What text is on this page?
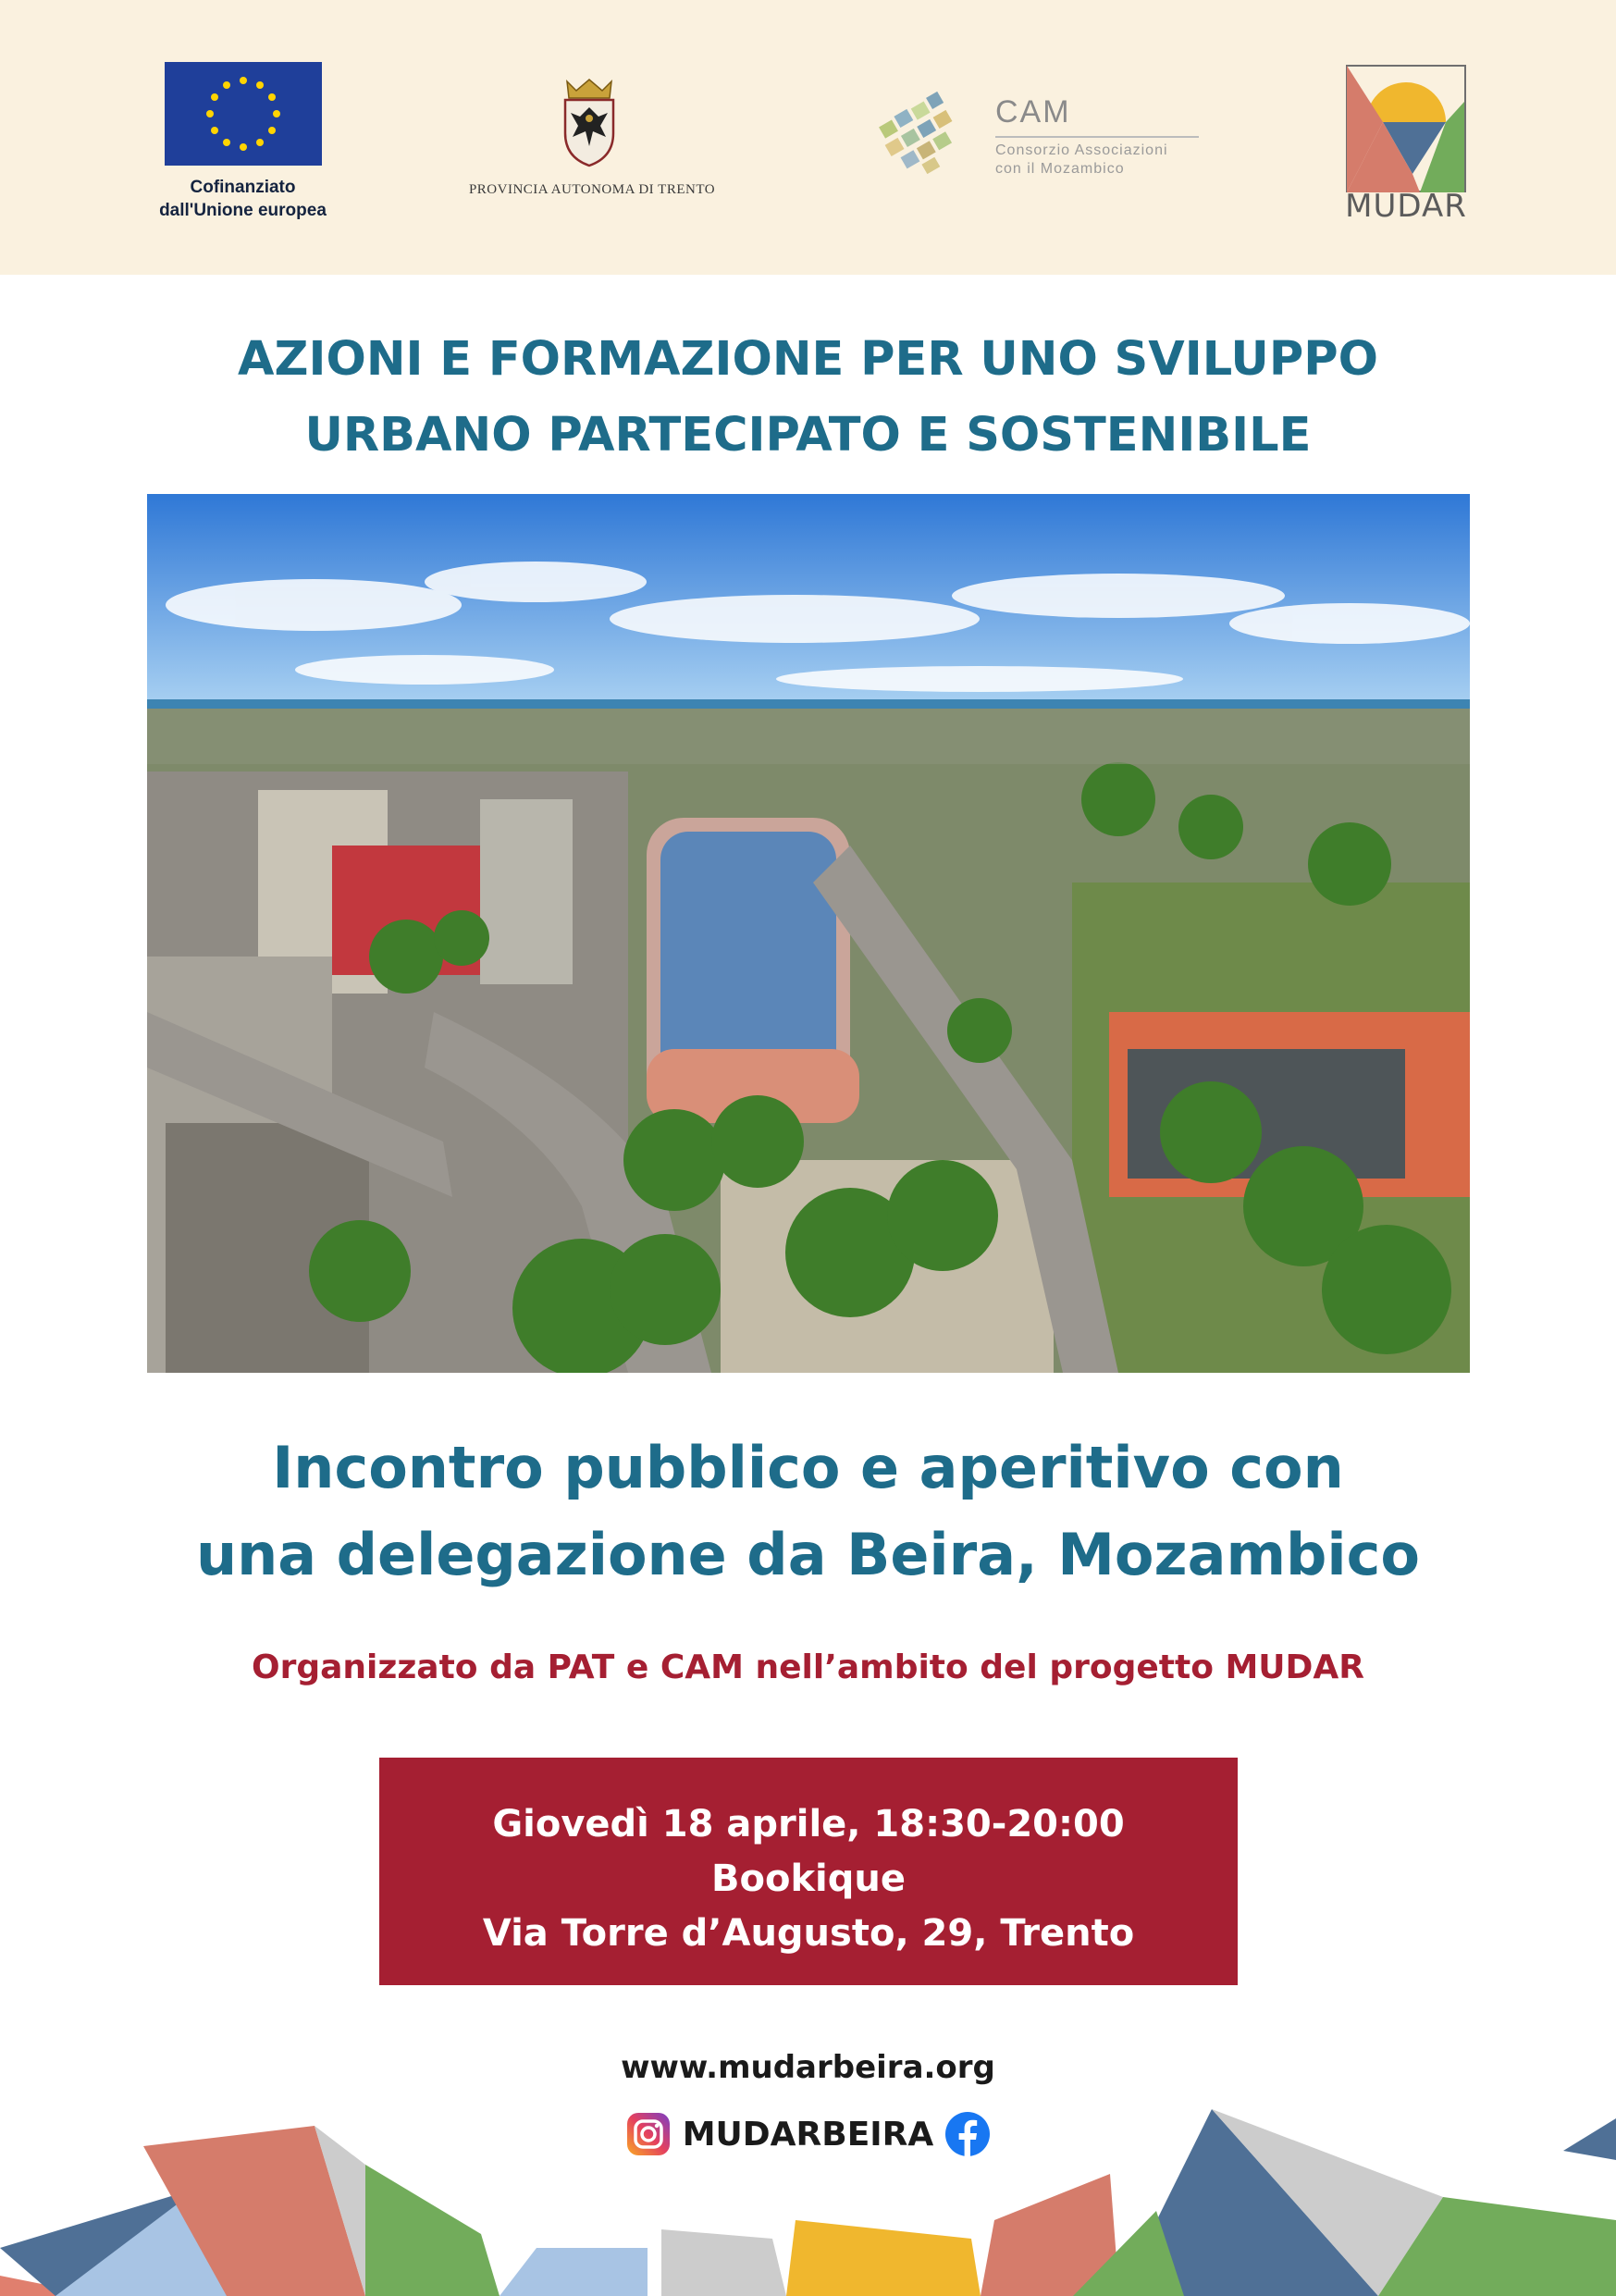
Cofinanziato
dall'Unione europea
PROVINCIA AUTONOMA DI TRENTO
CAM
Consorzio Associazioni
con il Mozambico
MUDAR
AZIONI E FORMAZIONE PER UNO SVILUPPO
URBANO PARTECIPATO E SOSTENIBILE
Incontro pubblico e aperitivo con
una delegazione da Beira, Mozambico
Organizzato da PAT e CAM nell’ambito del progetto MUDAR
Giovedì 18 aprile, 18:30-20:00
Bookique
Via Torre d’Augusto, 29, Trento
www.mudarbeira.org
MUDARBEIRA
